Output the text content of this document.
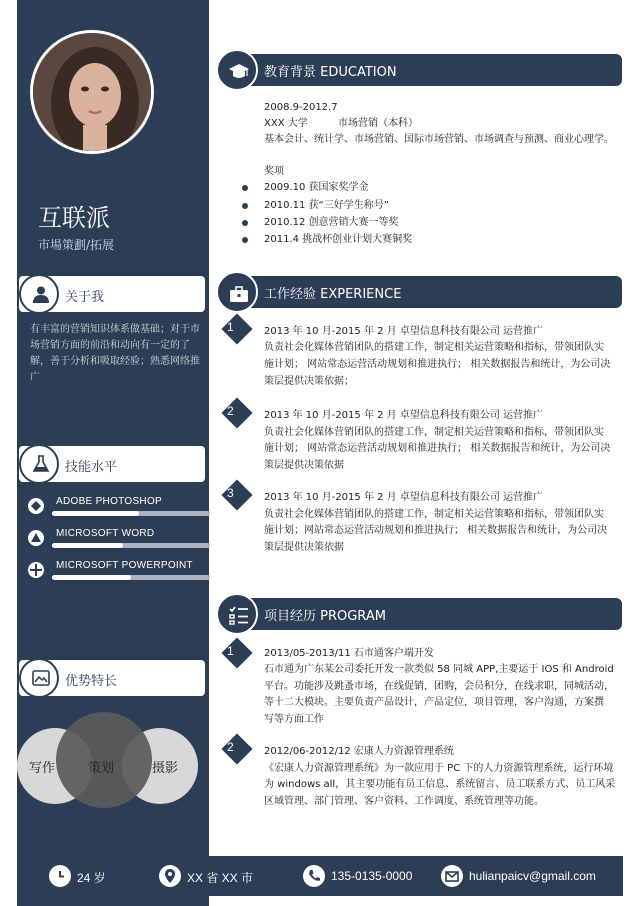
互联派
市場策劃/拓展
关于我
有丰富的营销知识体系做基础；对于市场营销方面的前沿和动向有一定的了解，善于分析和吸取经验；熟悉网络推广
技能水平
ADOBE PHOTOSHOP
MICROSOFT WORD
MICROSOFT POWERPOINT
优势特长
写作	策划	摄影
教育背景 EDUCATION
2008.9-2012.7
XXX 大学	市场营销（本科）
基本会计、统计学、市场营销、国际市场营销、市场调查与预测、商业心理学。
奖项
2009.10 获国家奖学金
2010.11 获“三好学生称号”
2010.12 创意营销大赛一等奖
2011.4 挑战杯创业计划大赛铜奖
工作经验 EXPERIENCE
1	2013 年 10 月-2015 年 2 月 卓望信息科技有限公司 运营推广
负责社会化媒体营销团队的搭建工作，制定相关运营策略和指标，带领团队实
施计划； 网站常态运营活动规划和推进执行； 相关数据报告和统计，为公司决
策层提供决策依据；
2	2013 年 10 月-2015 年 2 月 卓望信息科技有限公司 运营推广
负责社会化媒体营销团队的搭建工作，制定相关运营策略和指标，带领团队实
施计划； 网站常态运营活动规划和推进执行； 相关数据报告和统计，为公司决
策层提供决策依据
3	2013 年 10 月-2015 年 2 月 卓望信息科技有限公司 运营推广
负责社会化媒体营销团队的搭建工作，制定相关运营策略和指标，带领团队实
施计划；网站常态运营活动规划和推进执行； 相关数据报告和统计，为公司决
策层提供决策依据
项目经历 PROGRAM
1	2013/05-2013/11 石市通客户端开发
石市通为广东某公司委托开发一款类似 58 同城 APP,主要运于 IOS 和 Android
平台。功能涉及跳蚤市场，在线促销，团购，会员积分，在线求职，同城活动，
等十二大模块。主要负责产品设计，产品定位，项目管理，客户沟通，方案撰
写等方面工作
2	2012/06-2012/12 宏康人力资源管理系统
《宏康人力资源管理系统》为一款应用于 PC 下的人力资源管理系统，运行环境
为 windows all，其主要功能有员工信息、系统留言、员工联系方式、员工风采
区域管理、部门管理、客户资料、工作调度、系统管理等功能。
24 岁	XX 省 XX 市	135-0135-0000	hulianpaicv@gmail.com
